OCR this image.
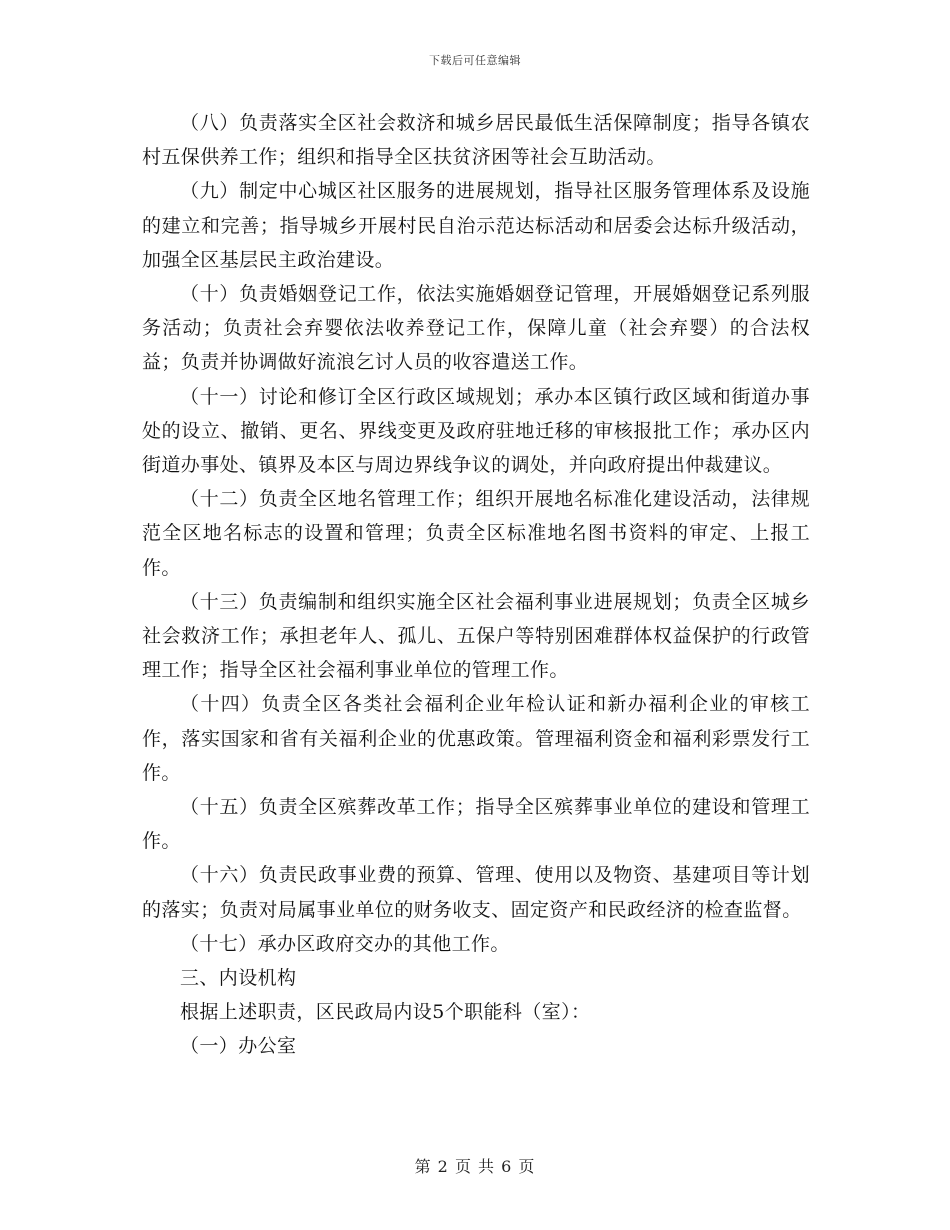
下载后可任意编辑

（八）负责落实全区社会救济和城乡居民最低生活保障制度；指导各镇农村五保供养工作；组织和指导全区扶贫济困等社会互助活动。

（九）制定中心城区社区服务的进展规划，指导社区服务管理体系及设施的建立和完善；指导城乡开展村民自治示范达标活动和居委会达标升级活动，加强全区基层民主政治建设。

（十）负责婚姻登记工作，依法实施婚姻登记管理，开展婚姻登记系列服务活动；负责社会弃婴依法收养登记工作，保障儿童（社会弃婴）的合法权益；负责并协调做好流浪乞讨人员的收容遣送工作。

（十一）讨论和修订全区行政区域规划；承办本区镇行政区域和街道办事处的设立、撤销、更名、界线变更及政府驻地迁移的审核报批工作；承办区内街道办事处、镇界及本区与周边界线争议的调处，并向政府提出仲裁建议。

（十二）负责全区地名管理工作；组织开展地名标准化建设活动，法律规范全区地名标志的设置和管理；负责全区标准地名图书资料的审定、上报工作。

（十三）负责编制和组织实施全区社会福利事业进展规划；负责全区城乡社会救济工作；承担老年人、孤儿、五保户等特别困难群体权益保护的行政管理工作；指导全区社会福利事业单位的管理工作。

（十四）负责全区各类社会福利企业年检认证和新办福利企业的审核工作，落实国家和省有关福利企业的优惠政策。管理福利资金和福利彩票发行工作。

（十五）负责全区殡葬改革工作；指导全区殡葬事业单位的建设和管理工作。

（十六）负责民政事业费的预算、管理、使用以及物资、基建项目等计划的落实；负责对局属事业单位的财务收支、固定资产和民政经济的检查监督。

（十七）承办区政府交办的其他工作。

三、内设机构

根据上述职责，区民政局内设5个职能科（室）：

（一）办公室

第 2 页 共 6 页
